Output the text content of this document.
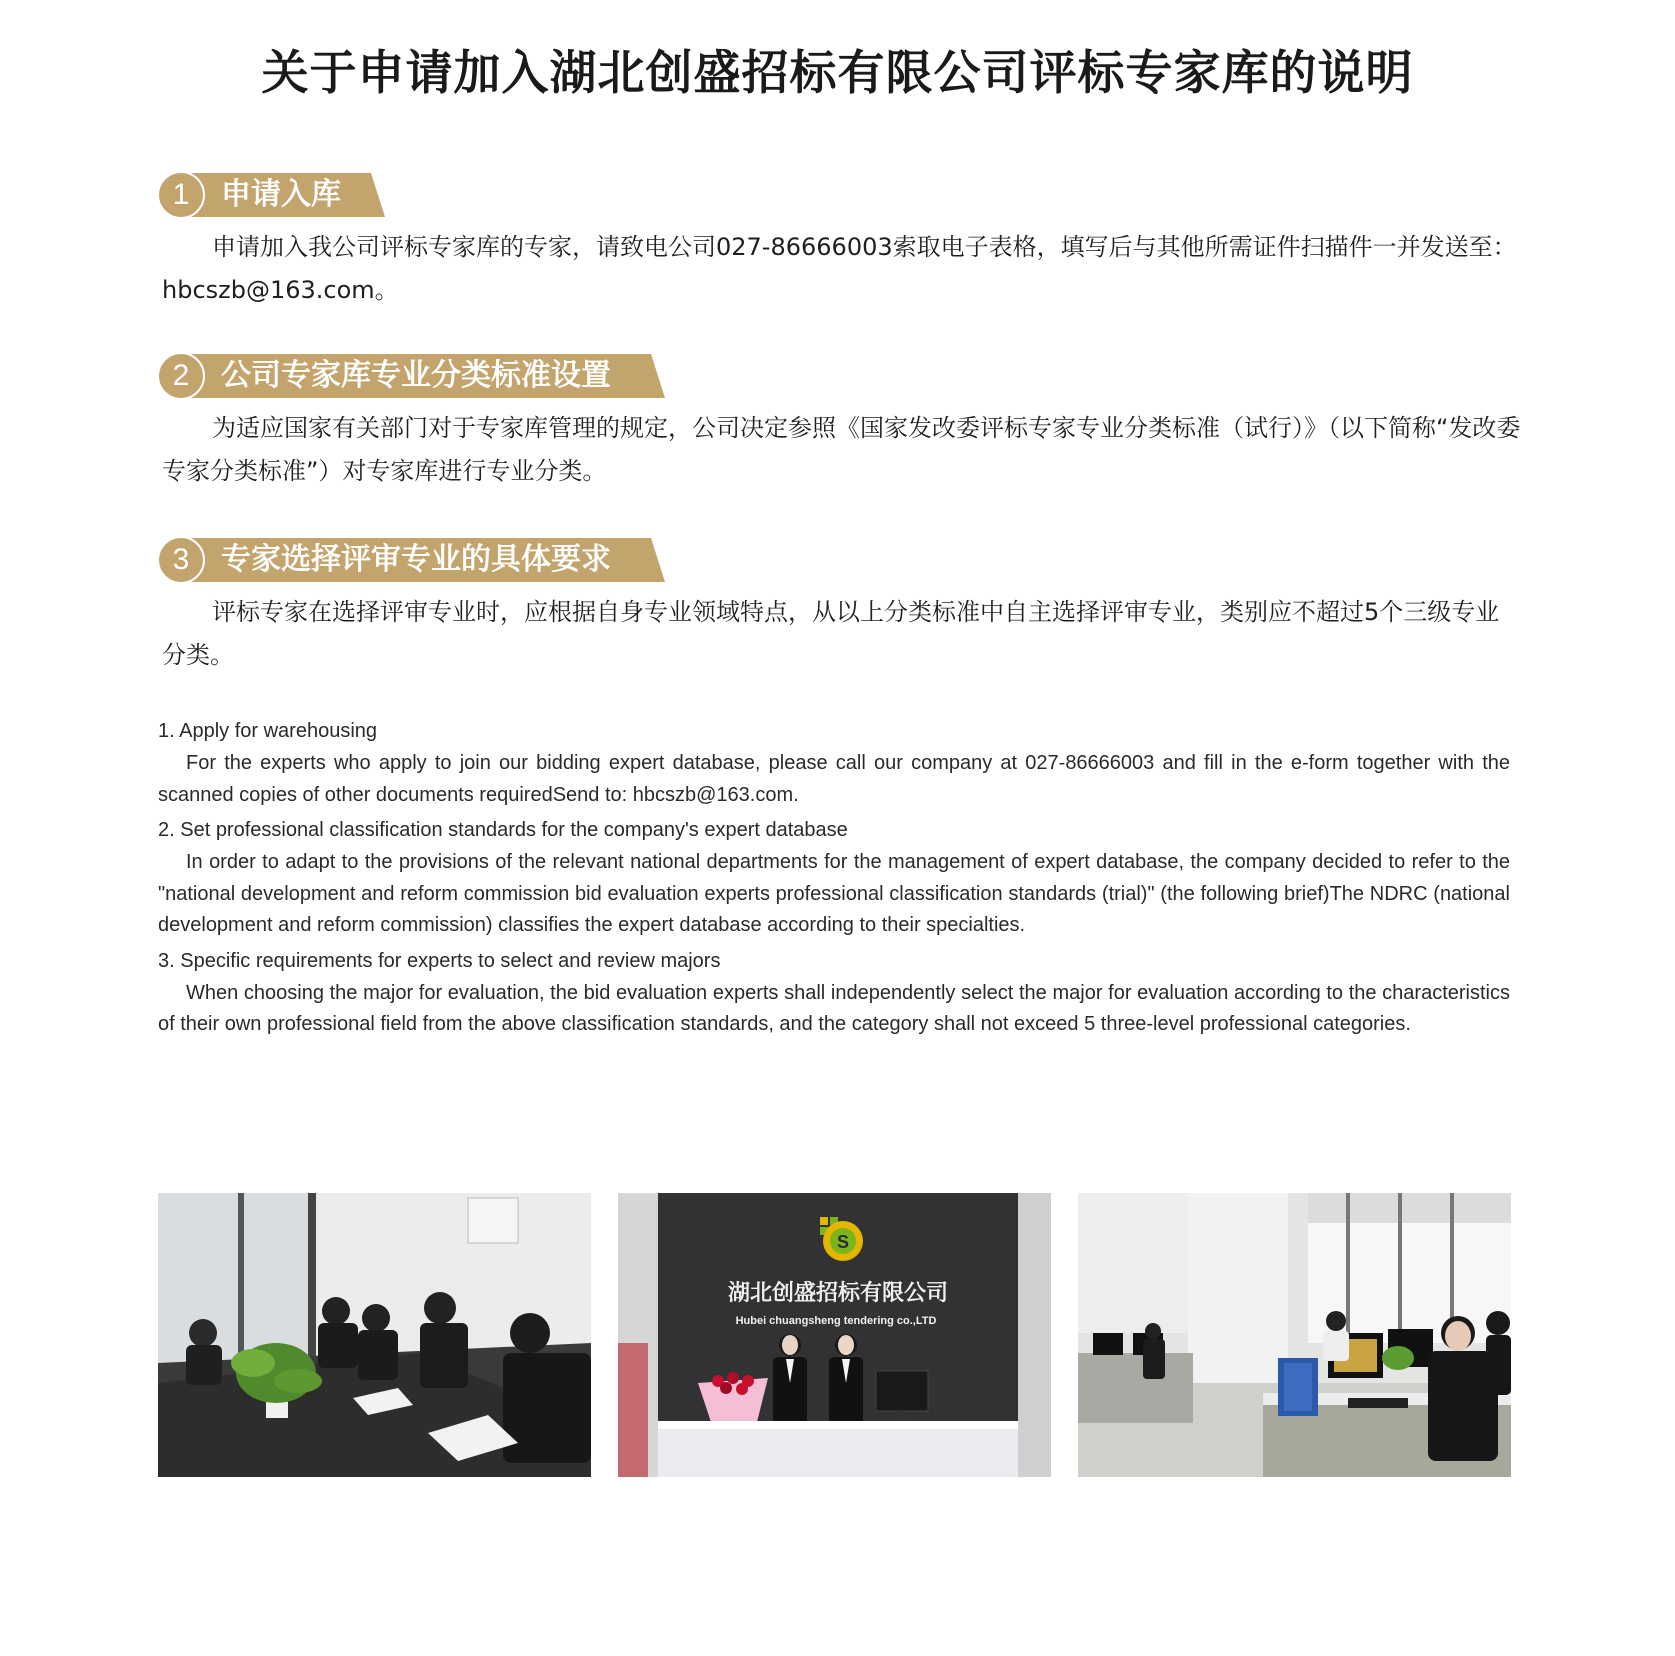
关于申请加入湖北创盛招标有限公司评标专家库的说明
1	申请入库
申请加入我公司评标专家库的专家，请致电公司027-86666003索取电子表格，填写后与其他所需证件扫描件一并发送至：hbcszb@163.com。
2	公司专家库专业分类标准设置
为适应国家有关部门对于专家库管理的规定，公司决定参照《国家发改委评标专家专业分类标准（试行）》（以下简称“发改委专家分类标准”）对专家库进行专业分类。
3	专家选择评审专业的具体要求
评标专家在选择评审专业时，应根据自身专业领域特点，从以上分类标准中自主选择评审专业，类别应不超过5个三级专业分类。
1. Apply for warehousing
For the experts who apply to join our bidding expert database, please call our company at 027-86666003 and fill in the e-form together with the scanned copies of other documents requiredSend to: hbcszb@163.com.
2. Set professional classification standards for the company's expert database
In order to adapt to the provisions of the relevant national departments for the management of expert database, the company decided to refer to the "national development and reform commission bid evaluation experts professional classification standards (trial)" (the following brief)The NDRC (national development and reform commission) classifies the expert database according to their specialties.
3. Specific requirements for experts to select and review majors
When choosing the major for evaluation, the bid evaluation experts shall independently select the major for evaluation according to the characteristics of their own professional field from the above classification standards, and the category shall not exceed 5 three-level professional categories.
S
湖北创盛招标有限公司
Hubei chuangsheng tendering co.,LTD
